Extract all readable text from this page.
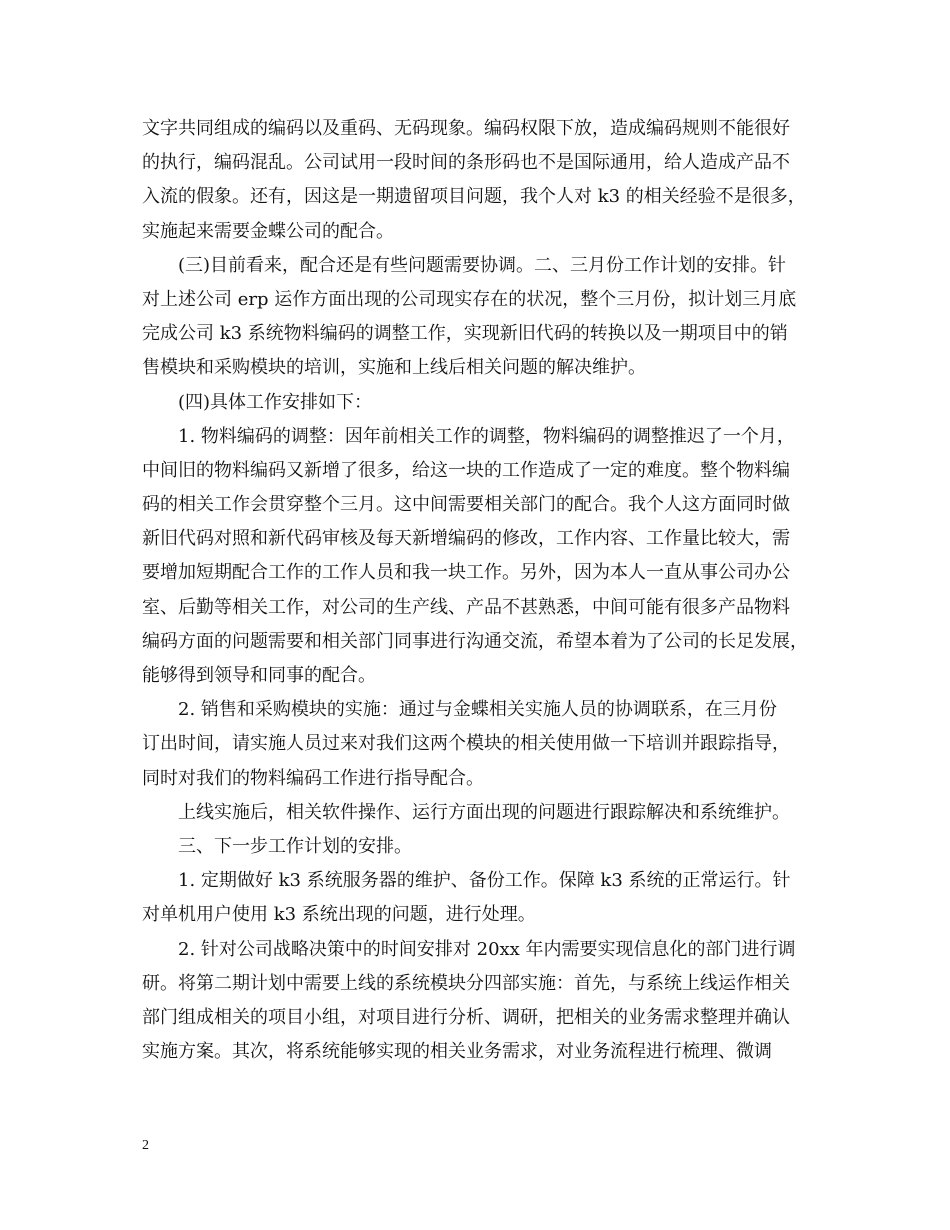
文字共同组成的编码以及重码、无码现象。编码权限下放，造成编码规则不能很好
的执行，编码混乱。公司试用一段时间的条形码也不是国际通用，给人造成产品不
入流的假象。还有，因这是一期遗留项目问题，我个人对 k3 的相关经验不是很多，
实施起来需要金蝶公司的配合。
(三)目前看来，配合还是有些问题需要协调。二、三月份工作计划的安排。针
对上述公司 erp 运作方面出现的公司现实存在的状况，整个三月份，拟计划三月底
完成公司 k3 系统物料编码的调整工作，实现新旧代码的转换以及一期项目中的销
售模块和采购模块的培训，实施和上线后相关问题的解决维护。
(四)具体工作安排如下：
1. 物料编码的调整：因年前相关工作的调整，物料编码的调整推迟了一个月，
中间旧的物料编码又新增了很多，给这一块的工作造成了一定的难度。整个物料编
码的相关工作会贯穿整个三月。这中间需要相关部门的配合。我个人这方面同时做
新旧代码对照和新代码审核及每天新增编码的修改，工作内容、工作量比较大，需
要增加短期配合工作的工作人员和我一块工作。另外，因为本人一直从事公司办公
室、后勤等相关工作，对公司的生产线、产品不甚熟悉，中间可能有很多产品物料
编码方面的问题需要和相关部门同事进行沟通交流，希望本着为了公司的长足发展，
能够得到领导和同事的配合。
2. 销售和采购模块的实施：通过与金蝶相关实施人员的协调联系，在三月份
订出时间，请实施人员过来对我们这两个模块的相关使用做一下培训并跟踪指导，
同时对我们的物料编码工作进行指导配合。
上线实施后，相关软件操作、运行方面出现的问题进行跟踪解决和系统维护。
三、下一步工作计划的安排。
1. 定期做好 k3 系统服务器的维护、备份工作。保障 k3 系统的正常运行。针
对单机用户使用 k3 系统出现的问题，进行处理。
2. 针对公司战略决策中的时间安排对 20xx 年内需要实现信息化的部门进行调
研。将第二期计划中需要上线的系统模块分四部实施：首先，与系统上线运作相关
部门组成相关的项目小组，对项目进行分析、调研，把相关的业务需求整理并确认
实施方案。其次，将系统能够实现的相关业务需求，对业务流程进行梳理、微调
2
